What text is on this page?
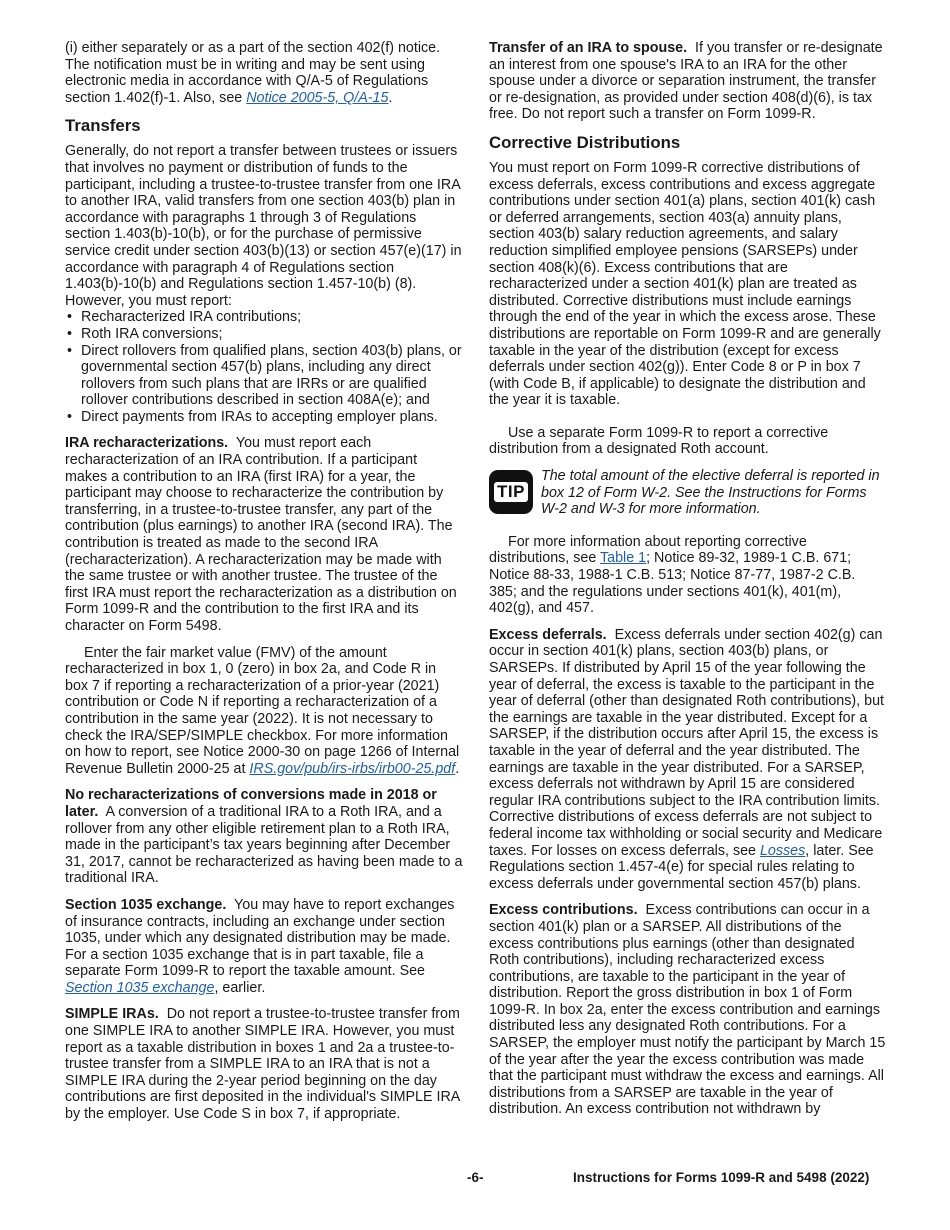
(i) either separately or as a part of the section 402(f) notice. The notification must be in writing and may be sent using electronic media in accordance with Q/A-5 of Regulations section 1.402(f)-1. Also, see Notice 2005-5, Q/A-15.

Transfers

Generally, do not report a transfer between trustees or issuers that involves no payment or distribution of funds to the participant, including a trustee-to-trustee transfer from one IRA to another IRA, valid transfers from one section 403(b) plan in accordance with paragraphs 1 through 3 of Regulations section 1.403(b)-10(b), or for the purchase of permissive service credit under section 403(b)(13) or section 457(e)(17) in accordance with paragraph 4 of Regulations section 1.403(b)-10(b) and Regulations section 1.457-10(b) (8). However, you must report:

• Recharacterized IRA contributions;
• Roth IRA conversions;
• Direct rollovers from qualified plans, section 403(b) plans, or governmental section 457(b) plans, including any direct rollovers from such plans that are IRRs or are qualified rollover contributions described in section 408A(e); and
• Direct payments from IRAs to accepting employer plans.

IRA recharacterizations. You must report each recharacterization of an IRA contribution. If a participant makes a contribution to an IRA (first IRA) for a year, the participant may choose to recharacterize the contribution by transferring, in a trustee-to-trustee transfer, any part of the contribution (plus earnings) to another IRA (second IRA). The contribution is treated as made to the second IRA (recharacterization). A recharacterization may be made with the same trustee or with another trustee. The trustee of the first IRA must report the recharacterization as a distribution on Form 1099-R and the contribution to the first IRA and its character on Form 5498.

Enter the fair market value (FMV) of the amount recharacterized in box 1, 0 (zero) in box 2a, and Code R in box 7 if reporting a recharacterization of a prior-year (2021) contribution or Code N if reporting a recharacterization of a contribution in the same year (2022). It is not necessary to check the IRA/SEP/SIMPLE checkbox. For more information on how to report, see Notice 2000-30 on page 1266 of Internal Revenue Bulletin 2000-25 at IRS.gov/pub/irs-irbs/irb00-25.pdf.

No recharacterizations of conversions made in 2018 or later. A conversion of a traditional IRA to a Roth IRA, and a rollover from any other eligible retirement plan to a Roth IRA, made in the participant’s tax years beginning after December 31, 2017, cannot be recharacterized as having been made to a traditional IRA.

Section 1035 exchange. You may have to report exchanges of insurance contracts, including an exchange under section 1035, under which any designated distribution may be made. For a section 1035 exchange that is in part taxable, file a separate Form 1099-R to report the taxable amount. See Section 1035 exchange, earlier.

SIMPLE IRAs. Do not report a trustee-to-trustee transfer from one SIMPLE IRA to another SIMPLE IRA. However, you must report as a taxable distribution in boxes 1 and 2a a trustee-to-trustee transfer from a SIMPLE IRA to an IRA that is not a SIMPLE IRA during the 2-year period beginning on the day contributions are first deposited in the individual's SIMPLE IRA by the employer. Use Code S in box 7, if appropriate.

Transfer of an IRA to spouse. If you transfer or re-designate an interest from one spouse's IRA to an IRA for the other spouse under a divorce or separation instrument, the transfer or re-designation, as provided under section 408(d)(6), is tax free. Do not report such a transfer on Form 1099-R.

Corrective Distributions

You must report on Form 1099-R corrective distributions of excess deferrals, excess contributions and excess aggregate contributions under section 401(a) plans, section 401(k) cash or deferred arrangements, section 403(a) annuity plans, section 403(b) salary reduction agreements, and salary reduction simplified employee pensions (SARSEPs) under section 408(k)(6). Excess contributions that are recharacterized under a section 401(k) plan are treated as distributed. Corrective distributions must include earnings through the end of the year in which the excess arose. These distributions are reportable on Form 1099-R and are generally taxable in the year of the distribution (except for excess deferrals under section 402(g)). Enter Code 8 or P in box 7 (with Code B, if applicable) to designate the distribution and the year it is taxable.

Use a separate Form 1099-R to report a corrective distribution from a designated Roth account.

TIP
The total amount of the elective deferral is reported in box 12 of Form W-2. See the Instructions for Forms W-2 and W-3 for more information.

For more information about reporting corrective distributions, see Table 1; Notice 89-32, 1989-1 C.B. 671; Notice 88-33, 1988-1 C.B. 513; Notice 87-77, 1987-2 C.B. 385; and the regulations under sections 401(k), 401(m), 402(g), and 457.

Excess deferrals. Excess deferrals under section 402(g) can occur in section 401(k) plans, section 403(b) plans, or SARSEPs. If distributed by April 15 of the year following the year of deferral, the excess is taxable to the participant in the year of deferral (other than designated Roth contributions), but the earnings are taxable in the year distributed. Except for a SARSEP, if the distribution occurs after April 15, the excess is taxable in the year of deferral and the year distributed. The earnings are taxable in the year distributed. For a SARSEP, excess deferrals not withdrawn by April 15 are considered regular IRA contributions subject to the IRA contribution limits. Corrective distributions of excess deferrals are not subject to federal income tax withholding or social security and Medicare taxes. For losses on excess deferrals, see Losses, later. See Regulations section 1.457-4(e) for special rules relating to excess deferrals under governmental section 457(b) plans.

Excess contributions. Excess contributions can occur in a section 401(k) plan or a SARSEP. All distributions of the excess contributions plus earnings (other than designated Roth contributions), including recharacterized excess contributions, are taxable to the participant in the year of distribution. Report the gross distribution in box 1 of Form 1099-R. In box 2a, enter the excess contribution and earnings distributed less any designated Roth contributions. For a SARSEP, the employer must notify the participant by March 15 of the year after the year the excess contribution was made that the participant must withdraw the excess and earnings. All distributions from a SARSEP are taxable in the year of distribution. An excess contribution not withdrawn by

-6-	Instructions for Forms 1099-R and 5498 (2022)
